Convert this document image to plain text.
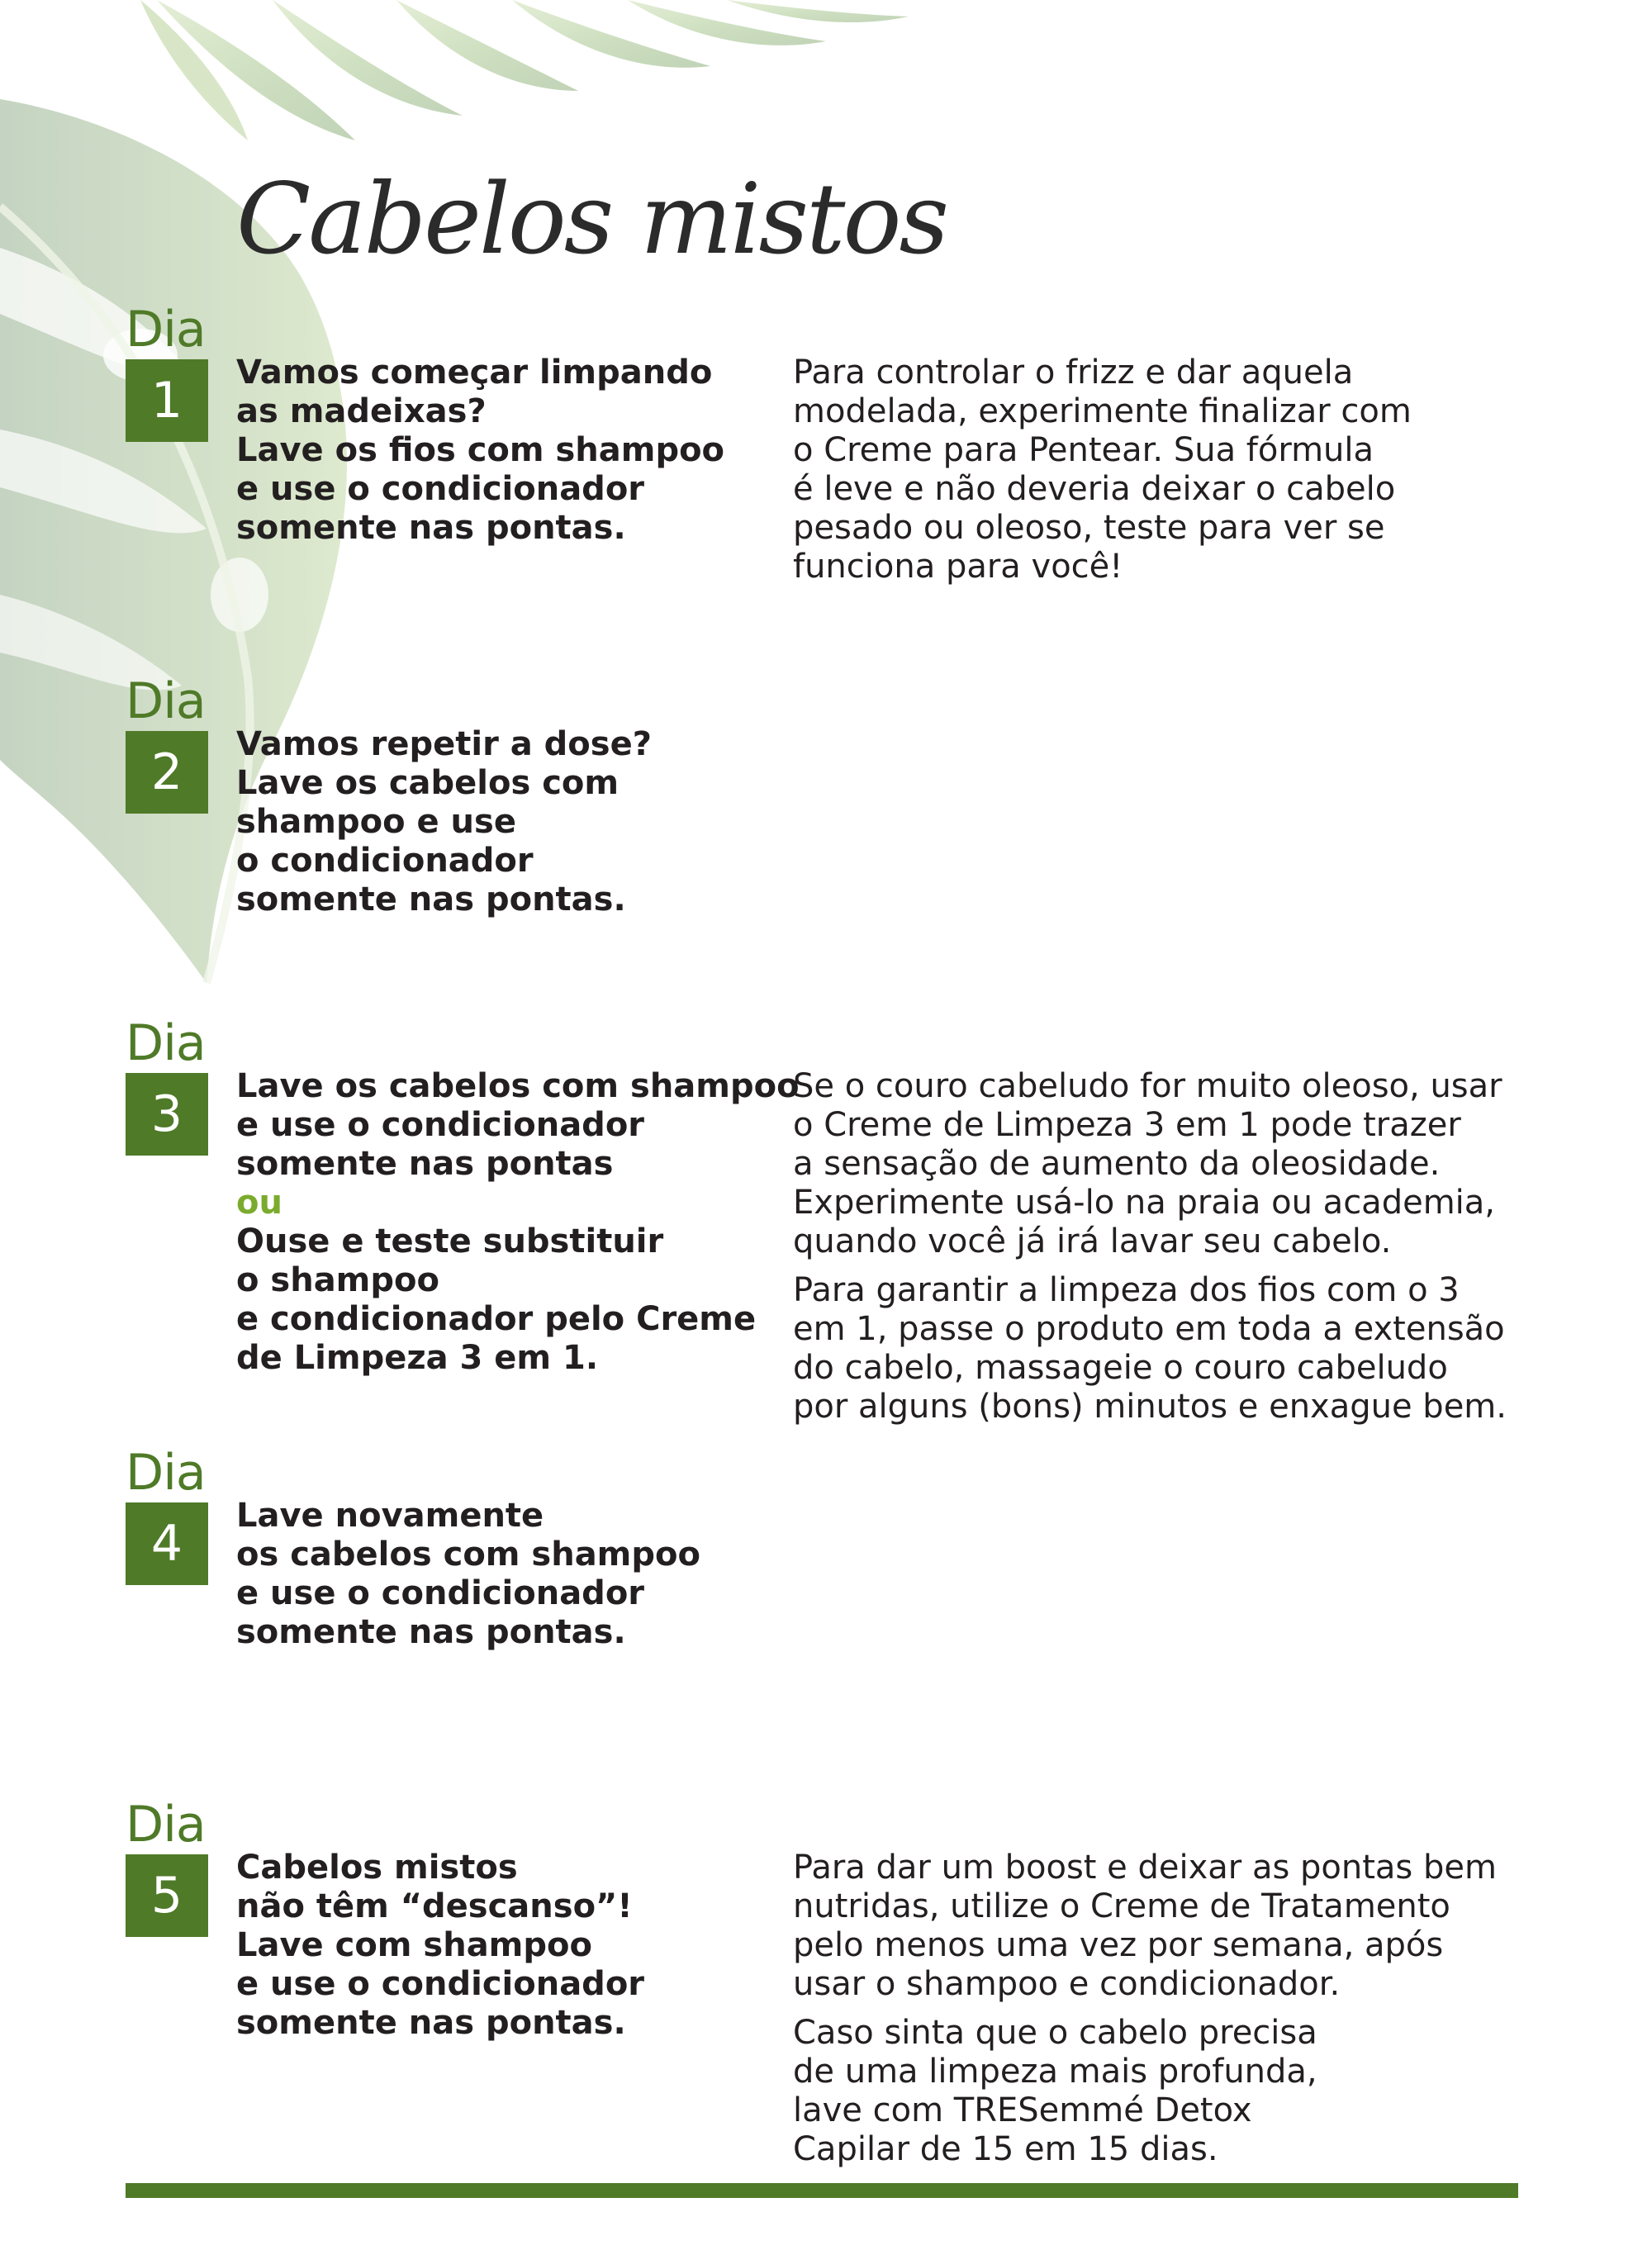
Cabelos mistos
Dia
1	Vamos começar limpando
as madeixas?
Lave os fios com shampoo
e use o condicionador
somente nas pontas.

Para controlar o frizz e dar aquela
modelada, experimente finalizar com
o Creme para Pentear. Sua fórmula
é leve e não deveria deixar o cabelo
pesado ou oleoso, teste para ver se
funciona para você!

Dia
2	Vamos repetir a dose?
Lave os cabelos com
shampoo e use
o condicionador
somente nas pontas.
Dia
3	Lave os cabelos com shampoo
e use o condicionador
somente nas pontas
ou
Ouse e teste substituir
o shampoo
e condicionador pelo Creme
de Limpeza 3 em 1.

Se o couro cabeludo for muito oleoso, usar
o Creme de Limpeza 3 em 1 pode trazer
a sensação de aumento da oleosidade.
Experimente usá-lo na praia ou academia,
quando você já irá lavar seu cabelo.

Para garantir a limpeza dos fios com o 3
em 1, passe o produto em toda a extensão
do cabelo, massageie o couro cabeludo
por alguns (bons) minutos e enxague bem.

Dia
4	Lave novamente
os cabelos com shampoo
e use o condicionador
somente nas pontas.
Dia
5	Cabelos mistos
não têm “descanso”!
Lave com shampoo
e use o condicionador
somente nas pontas.

Para dar um boost e deixar as pontas bem
nutridas, utilize o Creme de Tratamento
pelo menos uma vez por semana, após
usar o shampoo e condicionador.

Caso sinta que o cabelo precisa
de uma limpeza mais profunda,
lave com TRESemmé Detox
Capilar de 15 em 15 dias.
